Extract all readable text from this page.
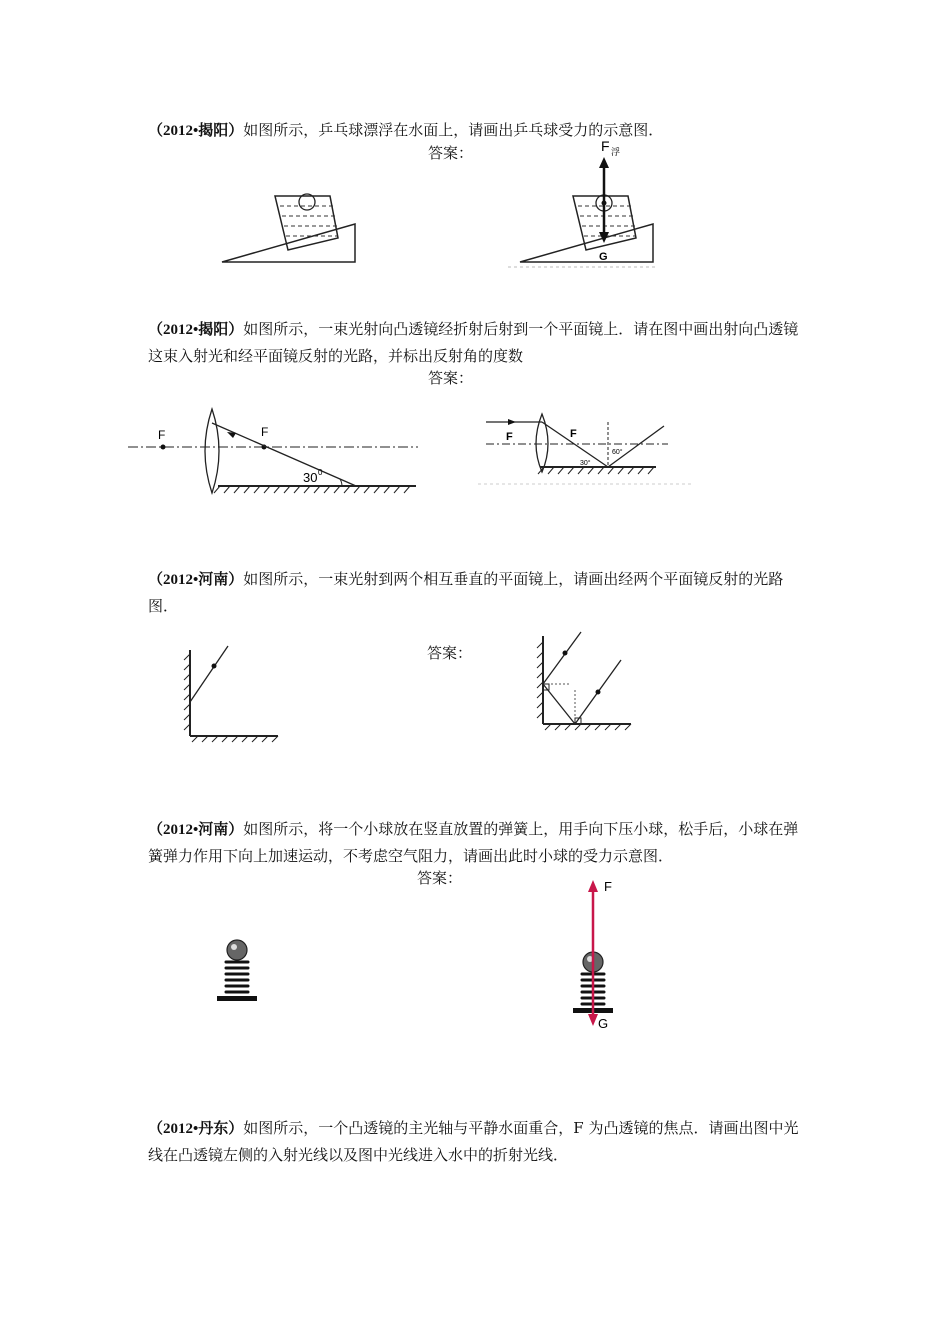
（2012•揭阳）如图所示，乒乓球漂浮在水面上，请画出乒乓球受力的示意图．
答案：	F 浮
G
（2012•揭阳）如图所示，一束光射向凸透镜经折射后射到一个平面镜上．请在图中画出射向凸透镜这束入射光和经平面镜反射的光路，并标出反射角的度数
答案：
F	F
30 0
F	F
30°
60°
（2012•河南）如图所示，一束光射到两个相互垂直的平面镜上，请画出经两个平面镜反射的光路图．
答案：
（2012•河南）如图所示，将一个小球放在竖直放置的弹簧上，用手向下压小球，松手后，小球在弹簧弹力作用下向上加速运动，不考虑空气阻力，请画出此时小球的受力示意图．
答案：	F
G
（2012•丹东）如图所示，一个凸透镜的主光轴与平静水面重合，F 为凸透镜的焦点．请画出图中光线在凸透镜左侧的入射光线以及图中光线进入水中的折射光线．
